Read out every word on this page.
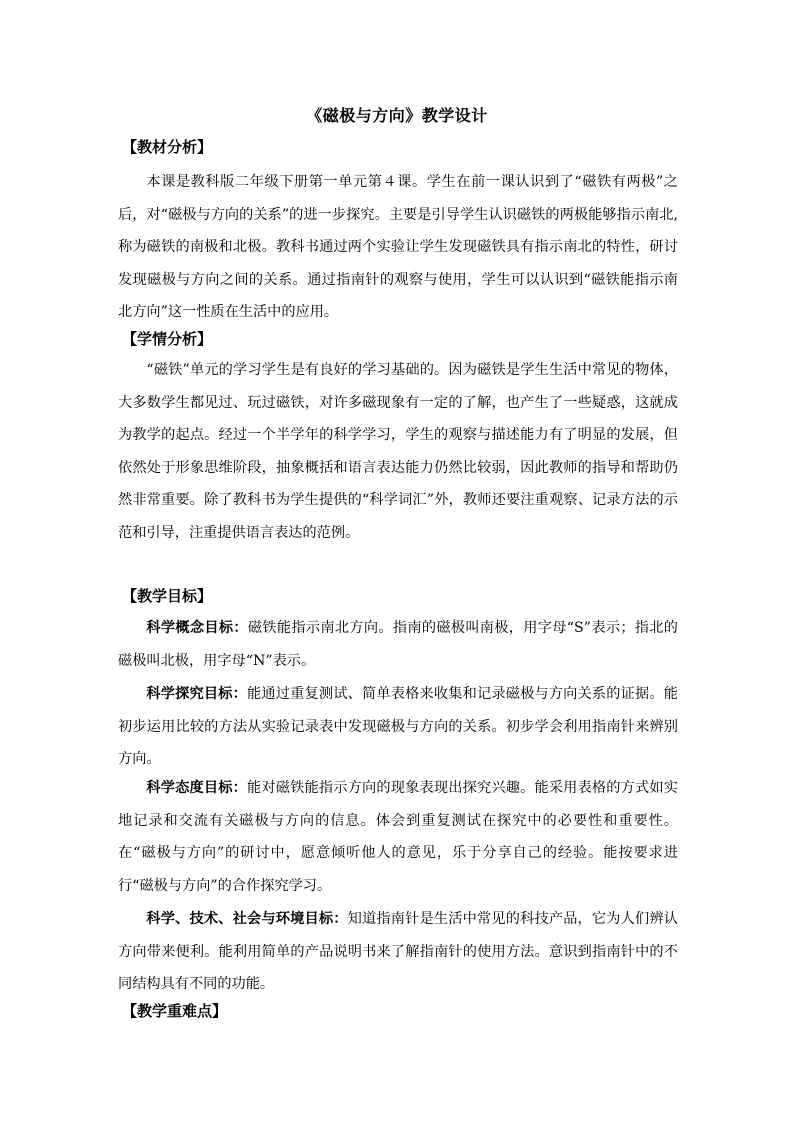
《磁极与方向》教学设计
【教材分析】
本课是教科版二年级下册第一单元第４课。学生在前一课认识到了“磁铁有两极”之后，对“磁极与方向的关系”的进一步探究。主要是引导学生认识磁铁的两极能够指示南北,称为磁铁的南极和北极。教科书通过两个实验让学生发现磁铁具有指示南北的特性，研讨发现磁极与方向之间的关系。通过指南针的观察与使用，学生可以认识到“磁铁能指示南北方向”这一性质在生活中的应用。
【学情分析】
“磁铁”单元的学习学生是有良好的学习基础的。因为磁铁是学生生活中常见的物体，大多数学生都见过、玩过磁铁，对许多磁现象有一定的了解，也产生了一些疑惑，这就成为教学的起点。经过一个半学年的科学学习，学生的观察与描述能力有了明显的发展，但依然处于形象思维阶段，抽象概括和语言表达能力仍然比较弱，因此教师的指导和帮助仍然非常重要。除了教科书为学生提供的“科学词汇”外，教师还要注重观察、记录方法的示范和引导，注重提供语言表达的范例。
【教学目标】
科学概念目标：磁铁能指示南北方向。指南的磁极叫南极，用字母“S”表示；指北的磁极叫北极，用字母“N”表示。
科学探究目标：能通过重复测试、简单表格来收集和记录磁极与方向关系的证据。能初步运用比较的方法从实验记录表中发现磁极与方向的关系。初步学会利用指南针来辨别方向。
科学态度目标：能对磁铁能指示方向的现象表现出探究兴趣。能采用表格的方式如实地记录和交流有关磁极与方向的信息。体会到重复测试在探究中的必要性和重要性。在“磁极与方向”的研讨中，愿意倾听他人的意见，乐于分享自己的经验。能按要求进行“磁极与方向”的合作探究学习。
科学、技术、社会与环境目标：知道指南针是生活中常见的科技产品，它为人们辨认方向带来便利。能利用简单的产品说明书来了解指南针的使用方法。意识到指南针中的不同结构具有不同的功能。
【教学重难点】
